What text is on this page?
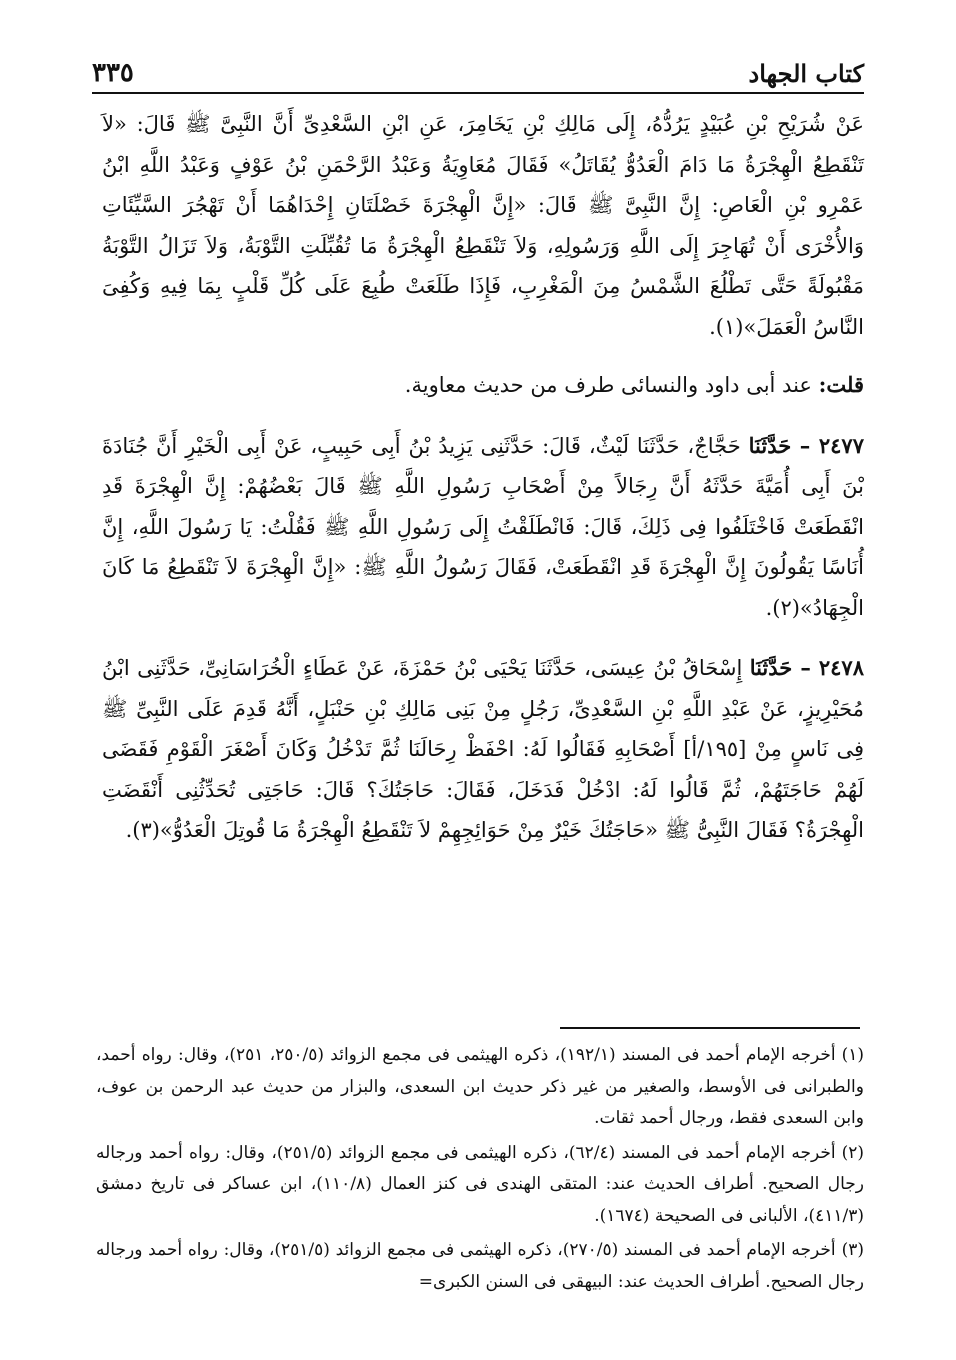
٣٣٥	كتاب الجهاد

عَنْ شُرَيْحِ بْنِ عُبَيْدٍ يَرُدُّهُ، إِلَى مَالِكِ بْنِ يَخَامِرَ، عَنِ ابْنِ السَّعْدِىِّ أَنَّ النَّبِىَّ ﷺ قَالَ: «لاَ تَنْقَطِعُ الْهِجْرَةُ مَا دَامَ الْعَدُوُّ يُقَاتَلُ» فَقَالَ مُعَاوِيَةُ وَعَبْدُ الرَّحْمَنِ بْنُ عَوْفٍ وَعَبْدُ اللَّهِ ابْنُ عَمْرِو بْنِ الْعَاصِ: إِنَّ النَّبِىَّ ﷺ قَالَ: «إِنَّ الْهِجْرَةَ خَصْلَتَانِ إِحْدَاهُمَا أَنْ تَهْجُرَ السَّيِّئَاتِ وَالأُخْرَى أَنْ تُهَاجِرَ إِلَى اللَّهِ وَرَسُولِهِ، وَلاَ تَنْقَطِعُ الْهِجْرَةُ مَا تُقُبِّلَتِ التَّوْبَةُ، وَلاَ تَزَالُ التَّوْبَةُ مَقْبُولَةً حَتَّى تَطْلُعَ الشَّمْسُ مِنَ الْمَغْرِبِ، فَإِذَا طَلَعَتْ طُبِعَ عَلَى كُلِّ قَلْبٍ بِمَا فِيهِ وَكُفِىَ النَّاسُ الْعَمَلَ»(١).

قلت: عند أبى داود والنسائى طرف من حديث معاوية.

٢٤٧٧ – حَدَّثَنَا حَجَّاجٌ، حَدَّثَنَا لَيْثٌ، قَالَ: حَدَّثَنِى يَزِيدُ بْنُ أَبِى حَبِيبٍ، عَنْ أَبِى الْخَيْرِ أَنَّ جُنَادَةَ بْنَ أَبِى أُمَيَّةَ حَدَّثَهُ أَنَّ رِجَالاً مِنْ أَصْحَابِ رَسُولِ اللَّهِ ﷺ قَالَ بَعْضُهُمْ: إِنَّ الْهِجْرَةَ قَدِ انْقَطَعَتْ فَاخْتَلَفُوا فِى ذَلِكَ، قَالَ: فَانْطَلَقْتُ إِلَى رَسُولِ اللَّهِ ﷺ فَقُلْتُ: يَا رَسُولَ اللَّهِ، إِنَّ أُنَاسًا يَقُولُونَ إِنَّ الْهِجْرَةَ قَدِ انْقَطَعَتْ، فَقَالَ رَسُولُ اللَّهِ ﷺ: «إِنَّ الْهِجْرَةَ لاَ تَنْقَطِعُ مَا كَانَ الْجِهَادُ»(٢).

٢٤٧٨ – حَدَّثَنَا إِسْحَاقُ بْنُ عِيسَى، حَدَّثَنَا يَحْيَى بْنُ حَمْزَةَ، عَنْ عَطَاءٍ الْخُرَاسَانِىِّ، حَدَّثَنِى ابْنُ مُحَيْرِيزٍ، عَنْ عَبْدِ اللَّهِ بْنِ السَّعْدِىِّ، رَجُلٍ مِنْ بَنِى مَالِكِ بْنِ حَنْبَلٍ، أَنَّهُ قَدِمَ عَلَى النَّبِىِّ ﷺ فِى نَاسٍ مِنْ [١٩٥/أ] أَصْحَابِهِ فَقَالُوا لَهُ: احْفَظْ رِحَالَنَا ثُمَّ تَدْخُلُ وَكَانَ أَصْغَرَ الْقَوْمِ فَقَضَى لَهُمْ حَاجَتَهُمْ، ثُمَّ قَالُوا لَهُ: ادْخُلْ فَدَخَلَ، فَقَالَ: حَاجَتُكَ؟ قَالَ: حَاجَتِى تُحَدِّثُنِى أَنْقَضَتِ الْهِجْرَةُ؟ فَقَالَ النَّبِىُّ ﷺ «حَاجَتُكَ خَيْرٌ مِنْ حَوَائِجِهِمْ لاَ تَنْقَطِعُ الْهِجْرَةُ مَا قُوتِلَ الْعَدُوُّ»(٣).

(١)أخرجه الإمام أحمد فى المسند (١٩٢/١)، ذكره الهيثمى فى مجمع الزوائد (٢٥٠/٥، ٢٥١)، وقال: رواه أحمد، والطبرانى فى الأوسط، والصغير من غير ذكر حديث ابن السعدى، والبزار من حديث عبد الرحمن بن عوف، وابن السعدى فقط، ورجال أحمد ثقات.

(٢)أخرجه الإمام أحمد فى المسند (٦٢/٤)، ذكره الهيثمى فى مجمع الزوائد (٢٥١/٥)، وقال: رواه أحمد ورجاله رجال الصحيح. أطراف الحديث عند: المتقى الهندى فى كنز العمال (١١٠/٨)، ابن عساكر فى تاريخ دمشق (٤١١/٣)، الألبانى فى الصحيحة (١٦٧٤).

(٣)أخرجه الإمام أحمد فى المسند (٢٧٠/٥)، ذكره الهيثمى فى مجمع الزوائد (٢٥١/٥)، وقال: رواه أحمد ورجاله رجال الصحيح. أطراف الحديث عند: البيهقى فى السنن الكبرى=
